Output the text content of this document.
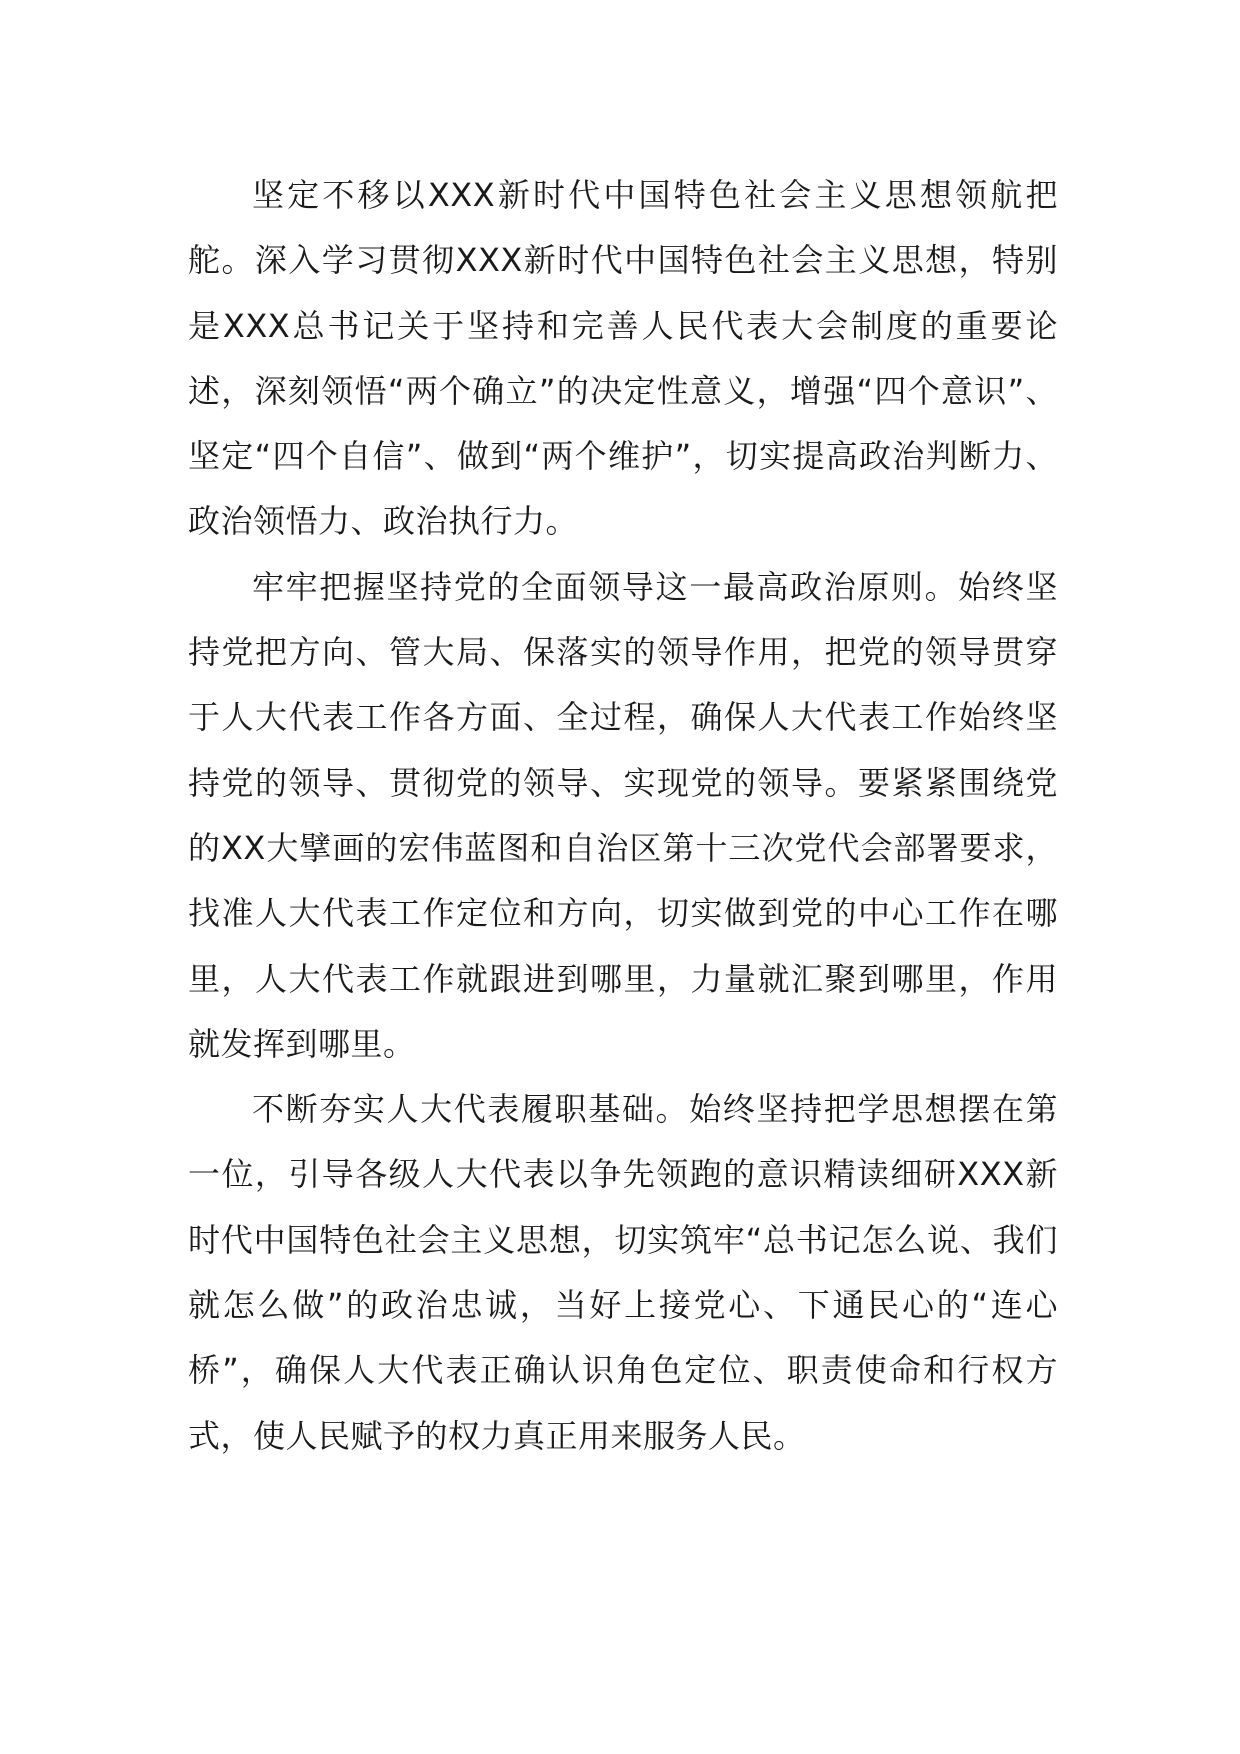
坚定不移以XXX新时代中国特色社会主义思想领航把舵。深入学习贯彻XXX新时代中国特色社会主义思想，特别是XXX总书记关于坚持和完善人民代表大会制度的重要论述，深刻领悟“两个确立”的决定性意义，增强“四个意识”、坚定“四个自信”、做到“两个维护”，切实提高政治判断力、政治领悟力、政治执行力。

牢牢把握坚持党的全面领导这一最高政治原则。始终坚持党把方向、管大局、保落实的领导作用，把党的领导贯穿于人大代表工作各方面、全过程，确保人大代表工作始终坚持党的领导、贯彻党的领导、实现党的领导。要紧紧围绕党的XX大擘画的宏伟蓝图和自治区第十三次党代会部署要求，找准人大代表工作定位和方向，切实做到党的中心工作在哪里，人大代表工作就跟进到哪里，力量就汇聚到哪里，作用就发挥到哪里。

不断夯实人大代表履职基础。始终坚持把学思想摆在第一位，引导各级人大代表以争先领跑的意识精读细研XXX新时代中国特色社会主义思想，切实筑牢“总书记怎么说、我们就怎么做”的政治忠诚，当好上接党心、下通民心的“连心桥”，确保人大代表正确认识角色定位、职责使命和行权方式，使人民赋予的权力真正用来服务人民。
